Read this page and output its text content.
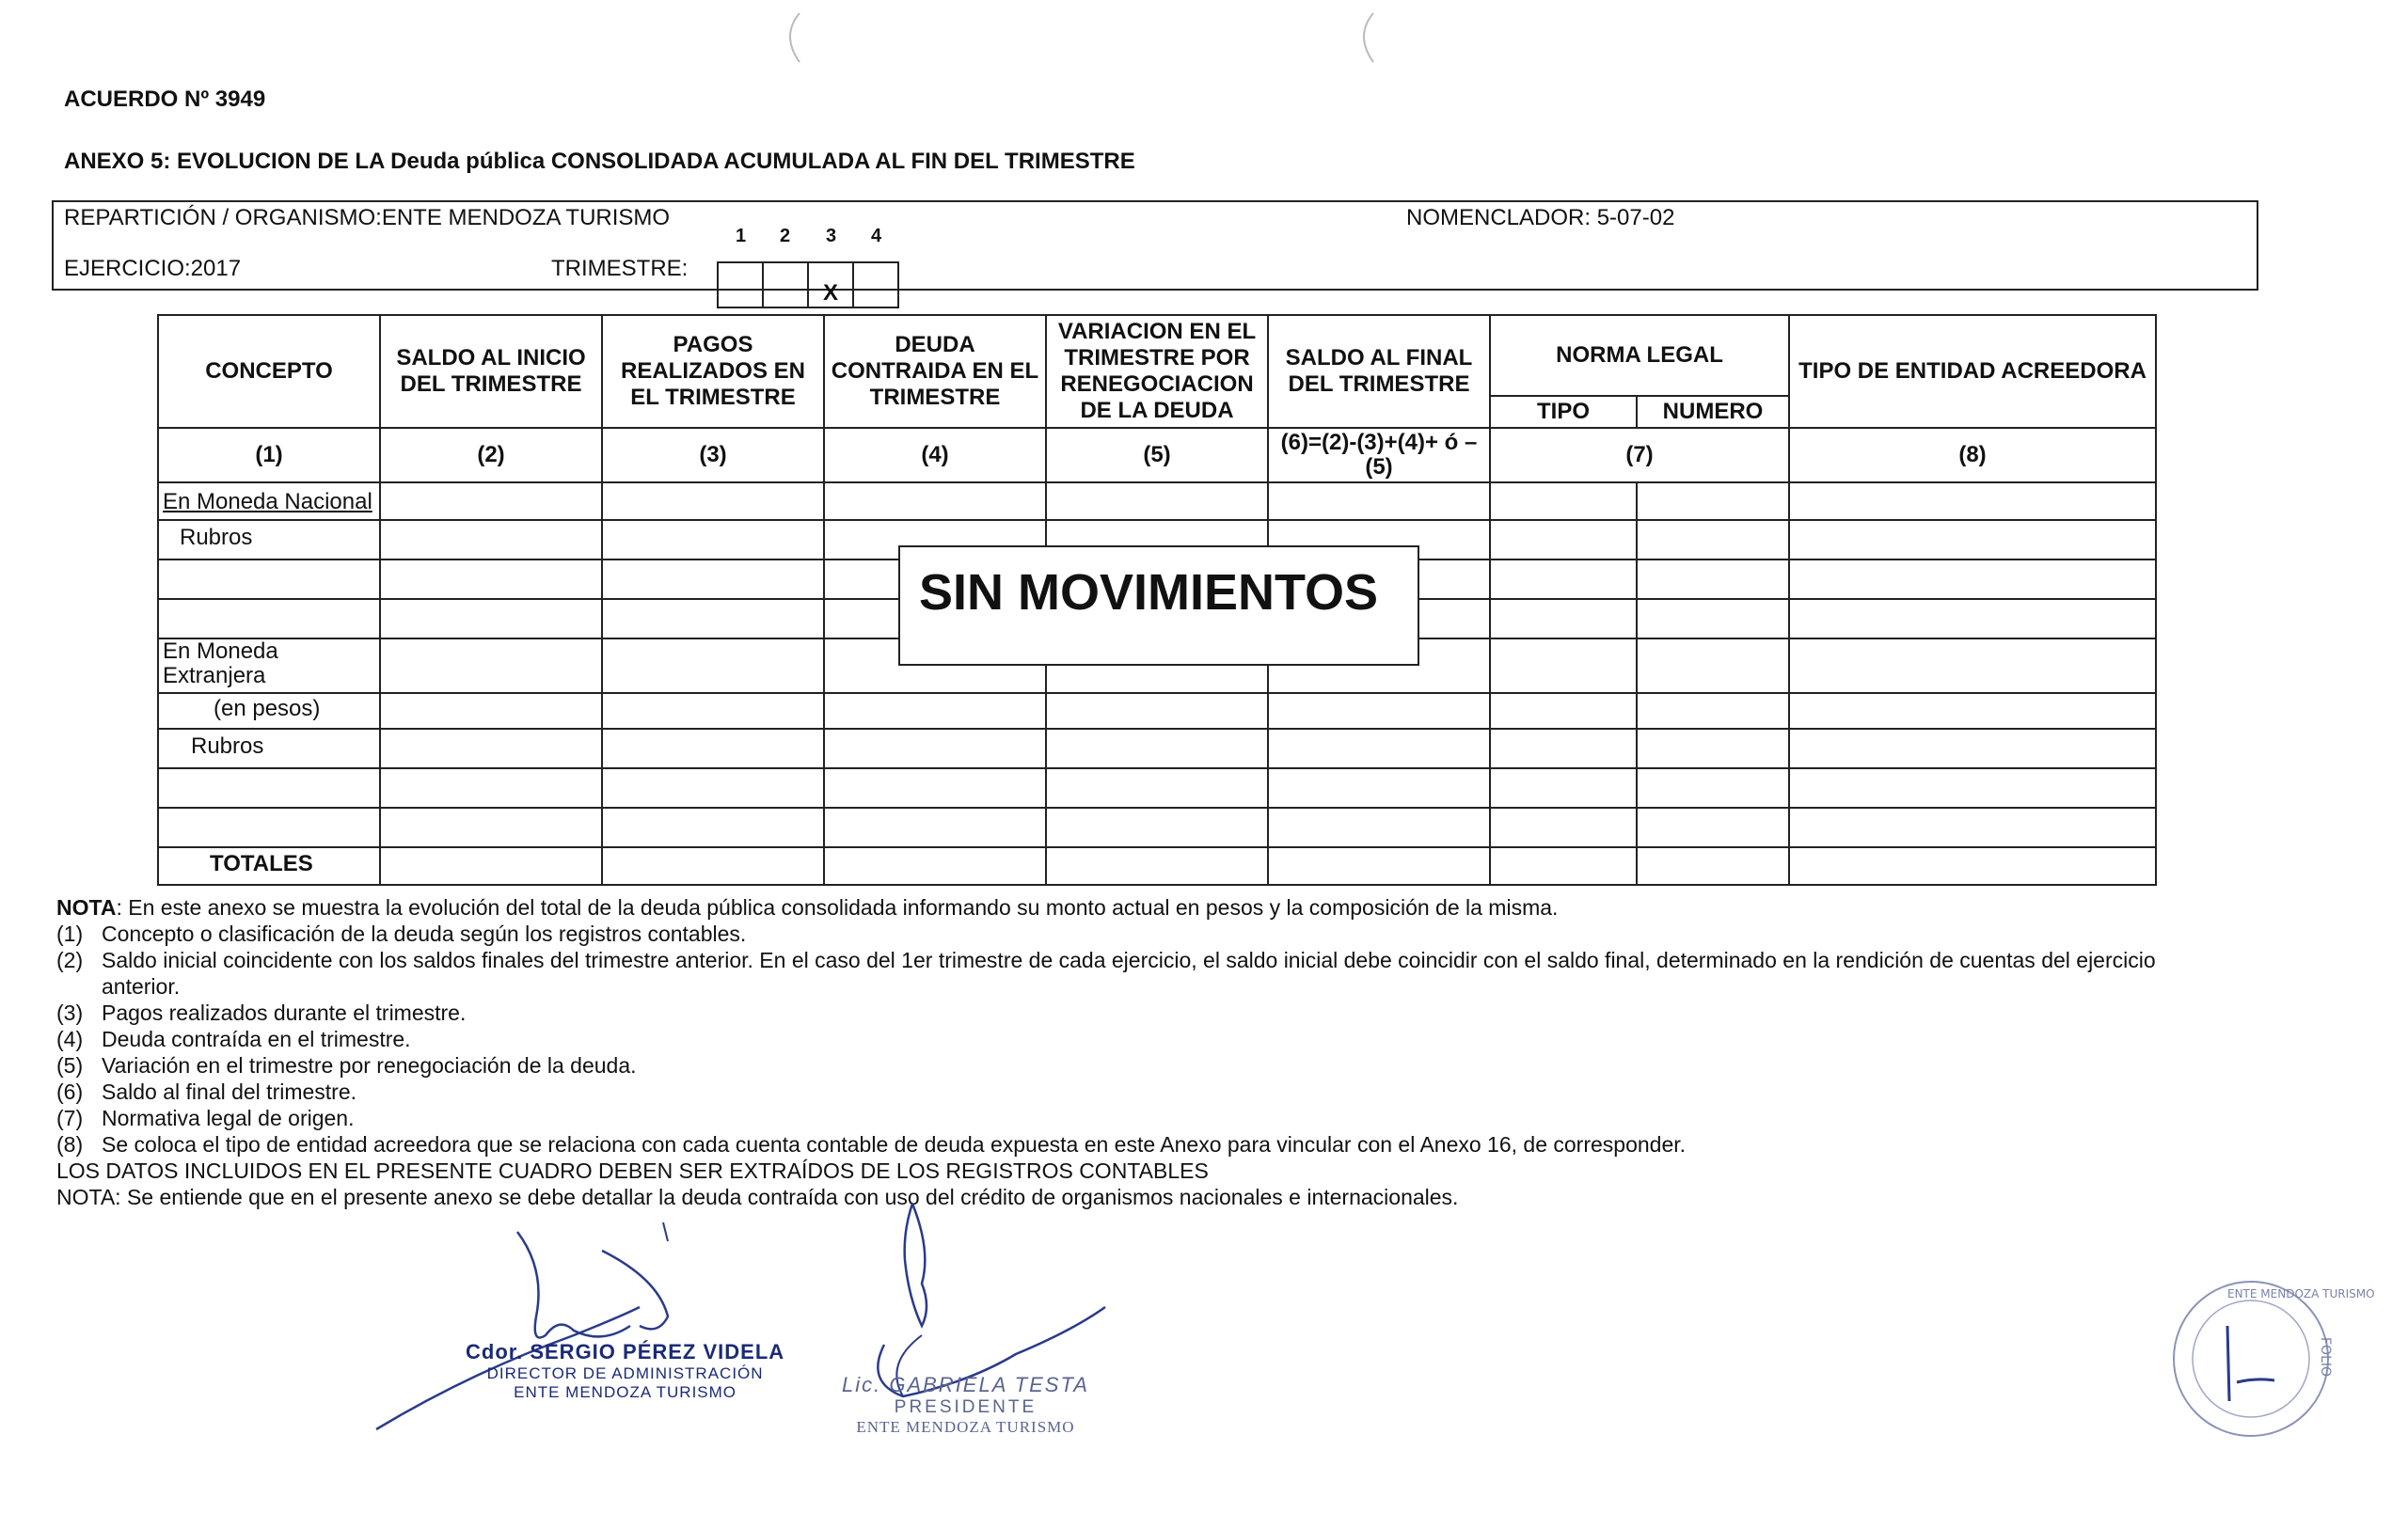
ACUERDO Nº 3949
ANEXO 5: EVOLUCION DE LA Deuda pública CONSOLIDADA ACUMULADA AL FIN DEL TRIMESTRE
REPARTICIÓN / ORGANISMO:ENTE MENDOZA TURISMO	NOMENCLADOR: 5-07-02
EJERCICIO:2017	TRIMESTRE:
1 2 3 4
X
CONCEPTO	SALDO AL INICIO DEL TRIMESTRE	PAGOS REALIZADOS EN EL TRIMESTRE	DEUDA CONTRAIDA EN EL TRIMESTRE	VARIACION EN EL TRIMESTRE POR RENEGOCIACION DE LA DEUDA	SALDO AL FINAL DEL TRIMESTRE	NORMA LEGAL		TIPO DE ENTIDAD ACREEDORA
						TIPO	NUMERO	
(1)	(2)	(3)	(4)	(5)	(6)=(2)-(3)+(4)+ ó – (5)	(7)		(8)
En Moneda Nacional								
Rubros								

En Moneda Extranjera								
(en pesos)								
Rubros								

TOTALES								
SIN MOVIMIENTOS
NOTA: En este anexo se muestra la evolución del total de la deuda pública consolidada informando su monto actual en pesos y la composición de la misma.
(1) Concepto o clasificación de la deuda según los registros contables.
(2) Saldo inicial coincidente con los saldos finales del trimestre anterior. En el caso del 1er trimestre de cada ejercicio, el saldo inicial debe coincidir con el saldo final, determinado en la rendición de cuentas del ejercicio anterior.
(3) Pagos realizados durante el trimestre.
(4) Deuda contraída en el trimestre.
(5) Variación en el trimestre por renegociación de la deuda.
(6) Saldo al final del trimestre.
(7) Normativa legal de origen.
(8) Se coloca el tipo de entidad acreedora que se relaciona con cada cuenta contable de deuda expuesta en este Anexo para vincular con el Anexo 16, de corresponder.
LOS DATOS INCLUIDOS EN EL PRESENTE CUADRO DEBEN SER EXTRAÍDOS DE LOS REGISTROS CONTABLES
NOTA: Se entiende que en el presente anexo se debe detallar la deuda contraída con uso del crédito de organismos nacionales e internacionales.
Cdor. SERGIO PÉREZ VIDELA
DIRECTOR DE ADMINISTRACIÓN
ENTE MENDOZA TURISMO	Lic. GABRIELA TESTA
PRESIDENTE
ENTE MENDOZA TURISMO
FOLIO
ENTE MENDOZA TURISMO
